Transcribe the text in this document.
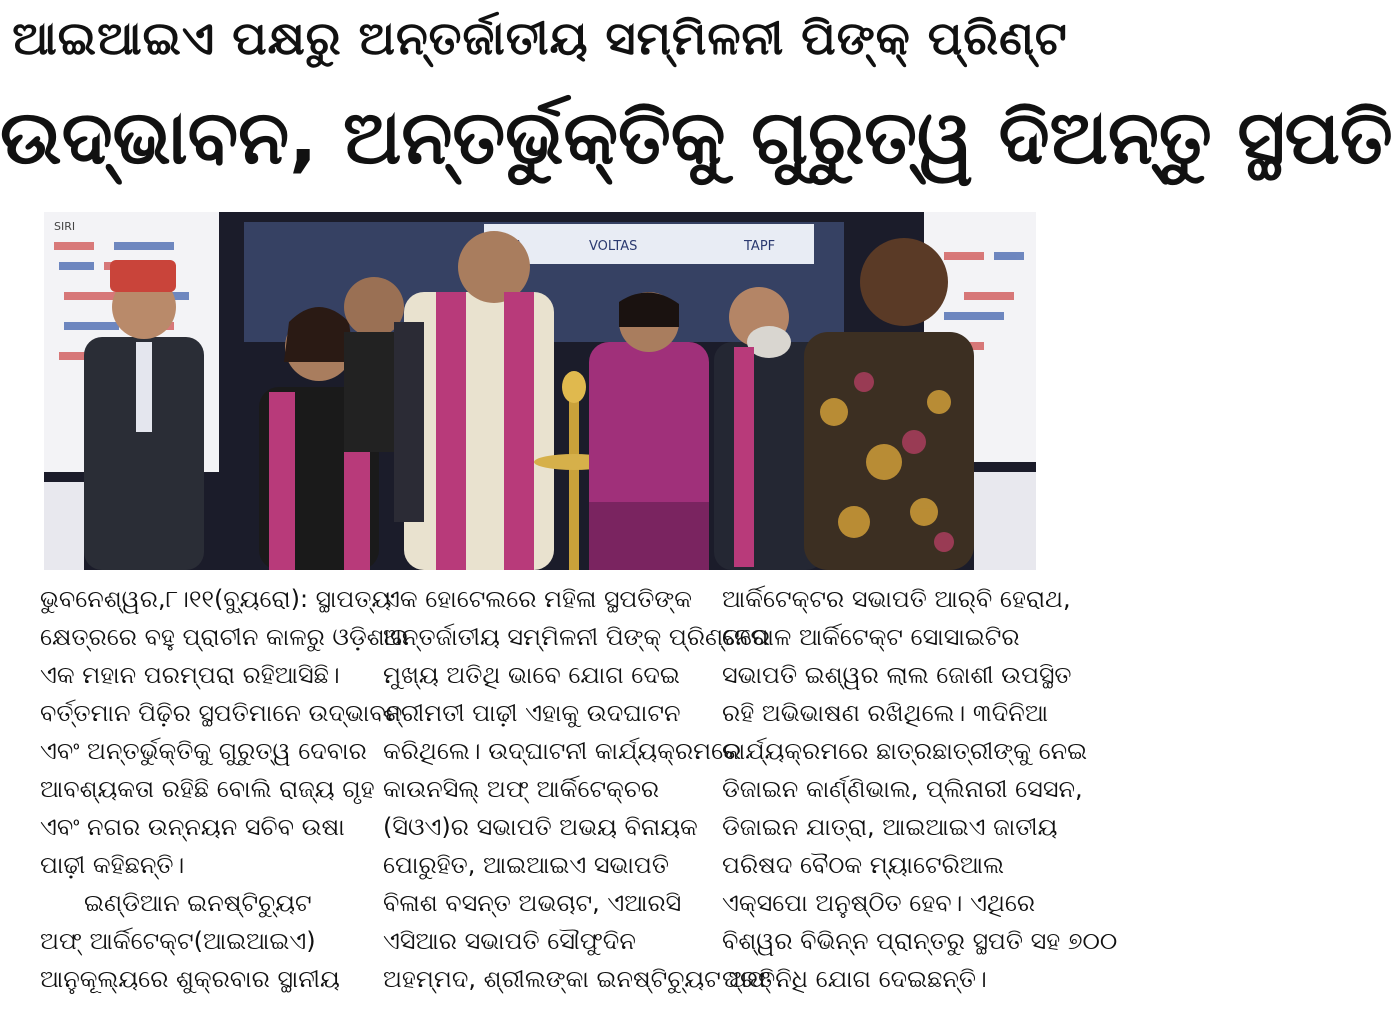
ଆଇଆଇଏ ପକ୍ଷରୁ ଅନ୍ତର୍ଜାତୀୟ ସମ୍ମିଳନୀ ପିଙ୍କ୍ ପ୍ରିଣ୍ଟ
ଉଦ୍ଭାବନ, ଅନ୍ତର୍ଭୁକ୍ତିକୁ ଗୁରୁତ୍ୱ ଦିଅନ୍ତୁ ସ୍ଥପତି
VOLTAS	TAPF
SIRI

ଭୁବନେଶ୍ୱର,୮।୧୧(ବ୍ୟୁରୋ): ସ୍ଥାପତ୍ୟ

କ୍ଷେତ୍ରରେ ବହୁ ପ୍ରାଚୀନ କାଳରୁ ଓଡ଼ିଶାର

ଏକ ମହାନ ପରମ୍ପରା ରହିଆସିଛି।

ବର୍ତ୍ତମାନ ପିଢ଼ିର ସ୍ଥପତିମାନେ ଉଦ୍ଭାବନ

ଏବଂ ଅନ୍ତର୍ଭୁକ୍ତିକୁ ଗୁରୁତ୍ୱ ଦେବାର

ଆବଶ୍ୟକତା ରହିଛି ବୋଲି ରାଜ୍ୟ ଗୃହ

ଏବଂ ନଗର ଉନ୍ନୟନ ସଚିବ ଉଷା

ପାଢ଼ୀ କହିଛନ୍ତି।

ଇଣ୍ଡିଆନ ଇନଷ୍ଟିଚ୍ୟୁଟ

ଅଫ୍ ଆର୍କିଟେକ୍ଟ(ଆଇଆଇଏ)

ଆନୁକୂଲ୍ୟରେ ଶୁକ୍ରବାର ସ୍ଥାନୀୟ

ଏକ ହୋଟେଲରେ ମହିଳା ସ୍ଥପତିଙ୍କ

ଅନ୍ତର୍ଜାତୀୟ ସମ୍ମିଳନୀ ପିଙ୍କ୍ ପ୍ରିଣ୍ଟରେ

ମୁଖ୍ୟ ଅତିଥି ଭାବେ ଯୋଗ ଦେଇ

ଶ୍ରୀମତୀ ପାଢ଼ୀ ଏହାକୁ ଉଦଘାଟନ

କରିଥିଲେ। ଉଦ୍‌ଘାଟନୀ କାର୍ଯ୍ୟକ୍ରମରେ

କାଉନସିଲ୍ ଅଫ୍ ଆର୍କିଟେକ୍ଚର

(ସିଓଏ)ର ସଭାପତି ଅଭୟ ବିନାୟକ

ପୋରୁହିତ, ଆଇଆଇଏ ସଭାପତି

ବିଳାଶ ବସନ୍ତ ଅଭଚାଟ, ଏଆରସି

ଏସିଆର ସଭାପତି ସୌଫୁଦିନ

ଅହମ୍ମଦ, ଶ୍ରୀଲଙ୍କା ଇନଷ୍ଟିଚ୍ୟୁଟ ଅଫ୍

ଆର୍କିଟେକ୍ଟର ସଭାପତି ଆର୍‌ବି ହେରାଥ,

ନେପାଳ ଆର୍କିଟେକ୍ଟ ସୋସାଇଟିର

ସଭାପତି ଇଶ୍ୱର ଲାଲ ଜୋଶୀ ଉପସ୍ଥିତ

ରହି ଅଭିଭାଷଣ ରଖିଥିଲେ। ୩ଦିନିଆ

କାର୍ଯ୍ୟକ୍ରମରେ ଛାତ୍ରଛାତ୍ରୀଙ୍କୁ ନେଇ

ଡିଜାଇନ କାର୍ଣ୍ଣିଭାଲ, ପ୍ଲିନାରୀ ସେସନ,

ଡିଜାଇନ ଯାତ୍ରା, ଆଇଆଇଏ ଜାତୀୟ

ପରିଷଦ ବୈଠକ ମ୍ୟାଟେରିଆଲ

ଏକ୍ସପୋ ଅନୁଷ୍ଠିତ ହେବ। ଏଥିରେ

ବିଶ୍ୱର ବିଭିନ୍ନ ପ୍ରାନ୍ତରୁ ସ୍ଥପତି ସହ ୭୦୦

ପ୍ରତିନିଧି ଯୋଗ ଦେଇଛନ୍ତି।
